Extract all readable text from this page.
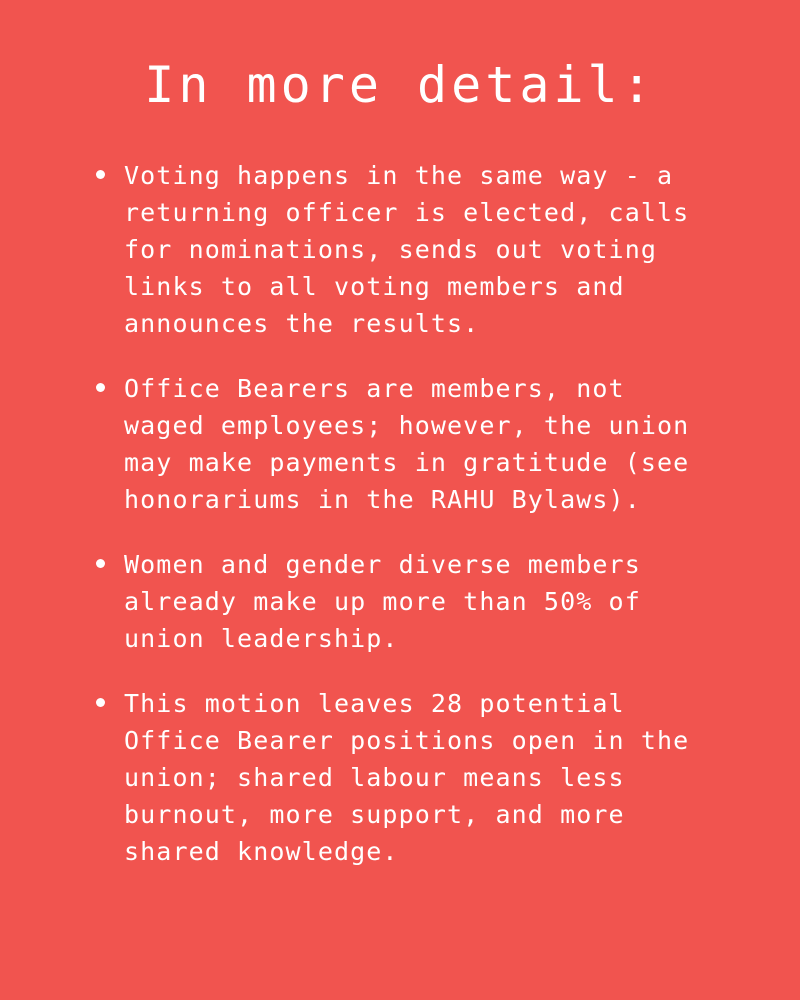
In more detail:
Voting happens in the same way - a returning officer is elected, calls for nominations, sends out voting links to all voting members and announces the results.
Office Bearers are members, not waged employees; however, the union may make payments in gratitude (see honorariums in the RAHU Bylaws).
Women and gender diverse members already make up more than 50% of union leadership.
This motion leaves 28 potential Office Bearer positions open in the union; shared labour means less burnout, more support, and more shared knowledge.
